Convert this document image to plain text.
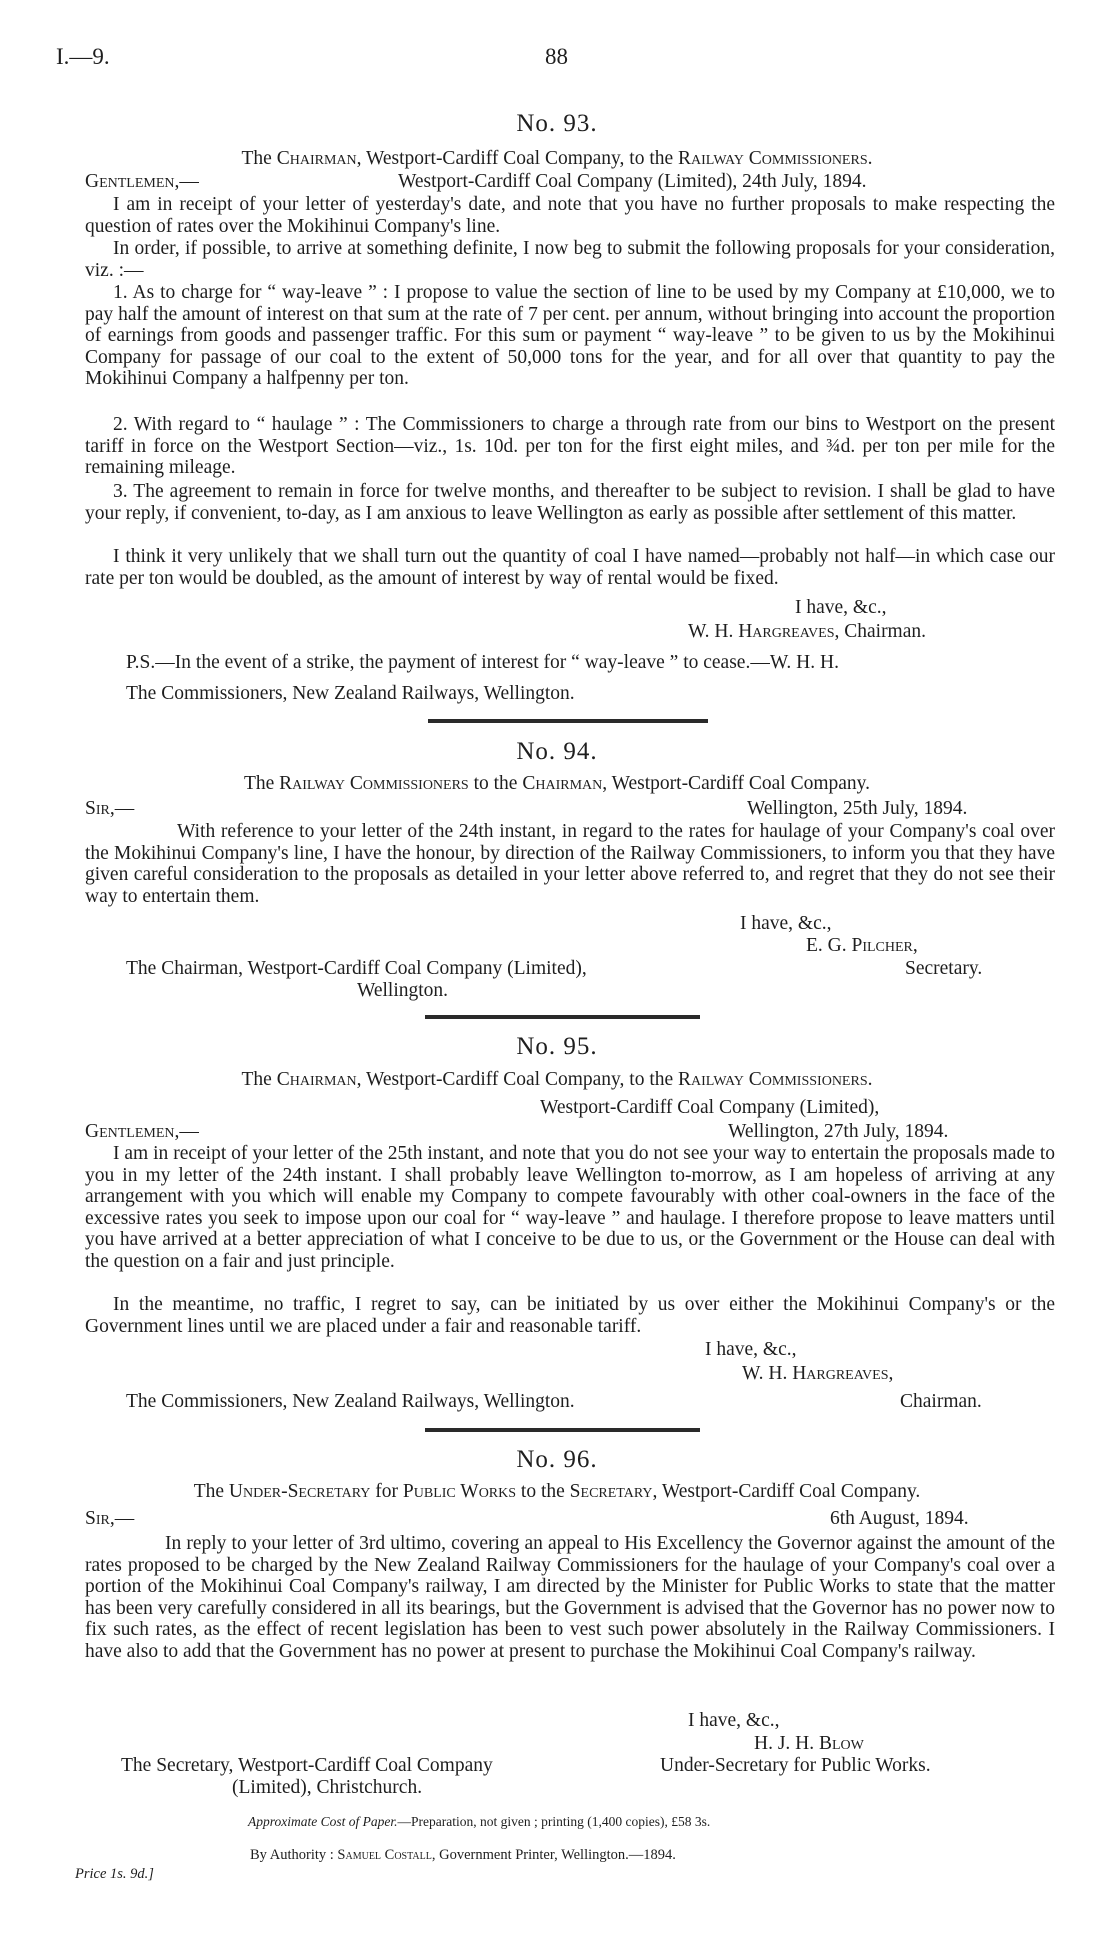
I.—9.	88
No. 93.
The Chairman, Westport-Cardiff Coal Company, to the Railway Commissioners.
Gentlemen,—	Westport-Cardiff Coal Company (Limited), 24th July, 1894.
I am in receipt of your letter of yesterday's date, and note that you have no further proposals to make respecting the question of rates over the Mokihinui Company's line.
In order, if possible, to arrive at something definite, I now beg to submit the following proposals for your consideration, viz. :—
1. As to charge for “ way-leave ” : I propose to value the section of line to be used by my Company at £10,000, we to pay half the amount of interest on that sum at the rate of 7 per cent. per annum, without bringing into account the proportion of earnings from goods and passenger traffic. For this sum or payment “ way-leave ” to be given to us by the Mokihinui Company for passage of our coal to the extent of 50,000 tons for the year, and for all over that quantity to pay the Mokihinui Company a halfpenny per ton.
2. With regard to “ haulage ” : The Commissioners to charge a through rate from our bins to Westport on the present tariff in force on the Westport Section—viz., 1s. 10d. per ton for the first eight miles, and ¾d. per ton per mile for the remaining mileage.
3. The agreement to remain in force for twelve months, and thereafter to be subject to revision. I shall be glad to have your reply, if convenient, to-day, as I am anxious to leave Wellington as early as possible after settlement of this matter.
I think it very unlikely that we shall turn out the quantity of coal I have named—probably not half—in which case our rate per ton would be doubled, as the amount of interest by way of rental would be fixed.
I have, &c.,
W. H. Hargreaves, Chairman.
P.S.—In the event of a strike, the payment of interest for “ way-leave ” to cease.—W. H. H.
The Commissioners, New Zealand Railways, Wellington.
No. 94.
The Railway Commissioners to the Chairman, Westport-Cardiff Coal Company.
Sir,—	Wellington, 25th July, 1894.
With reference to your letter of the 24th instant, in regard to the rates for haulage of your Company's coal over the Mokihinui Company's line, I have the honour, by direction of the Railway Commissioners, to inform you that they have given careful consideration to the proposals as detailed in your letter above referred to, and regret that they do not see their way to entertain them.
I have, &c.,
E. G. Pilcher,
Secretary.
The Chairman, Westport-Cardiff Coal Company (Limited),
Wellington.
No. 95.
The Chairman, Westport-Cardiff Coal Company, to the Railway Commissioners.
Westport-Cardiff Coal Company (Limited),
Gentlemen,—	Wellington, 27th July, 1894.
I am in receipt of your letter of the 25th instant, and note that you do not see your way to entertain the proposals made to you in my letter of the 24th instant. I shall probably leave Wellington to-morrow, as I am hopeless of arriving at any arrangement with you which will enable my Company to compete favourably with other coal-owners in the face of the excessive rates you seek to impose upon our coal for “ way-leave ” and haulage. I therefore propose to leave matters until you have arrived at a better appreciation of what I conceive to be due to us, or the Government or the House can deal with the question on a fair and just principle.
In the meantime, no traffic, I regret to say, can be initiated by us over either the Mokihinui Company's or the Government lines until we are placed under a fair and reasonable tariff.
I have, &c.,
W. H. Hargreaves,
The Commissioners, New Zealand Railways, Wellington.	Chairman.
No. 96.
The Under-Secretary for Public Works to the Secretary, Westport-Cardiff Coal Company.
Sir,—	6th August, 1894.
In reply to your letter of 3rd ultimo, covering an appeal to His Excellency the Governor against the amount of the rates proposed to be charged by the New Zealand Railway Commissioners for the haulage of your Company's coal over a portion of the Mokihinui Coal Company's railway, I am directed by the Minister for Public Works to state that the matter has been very carefully considered in all its bearings, but the Government is advised that the Governor has no power now to fix such rates, as the effect of recent legislation has been to vest such power absolutely in the Railway Commissioners. I have also to add that the Government has no power at present to purchase the Mokihinui Coal Company's railway.
I have, &c.,
H. J. H. Blow
Under-Secretary for Public Works.
The Secretary, Westport-Cardiff Coal Company
(Limited), Christchurch.
Approximate Cost of Paper.—Preparation, not given ; printing (1,400 copies), £58 3s.
By Authority : Samuel Costall, Government Printer, Wellington.—1894.
Price 1s. 9d.]
